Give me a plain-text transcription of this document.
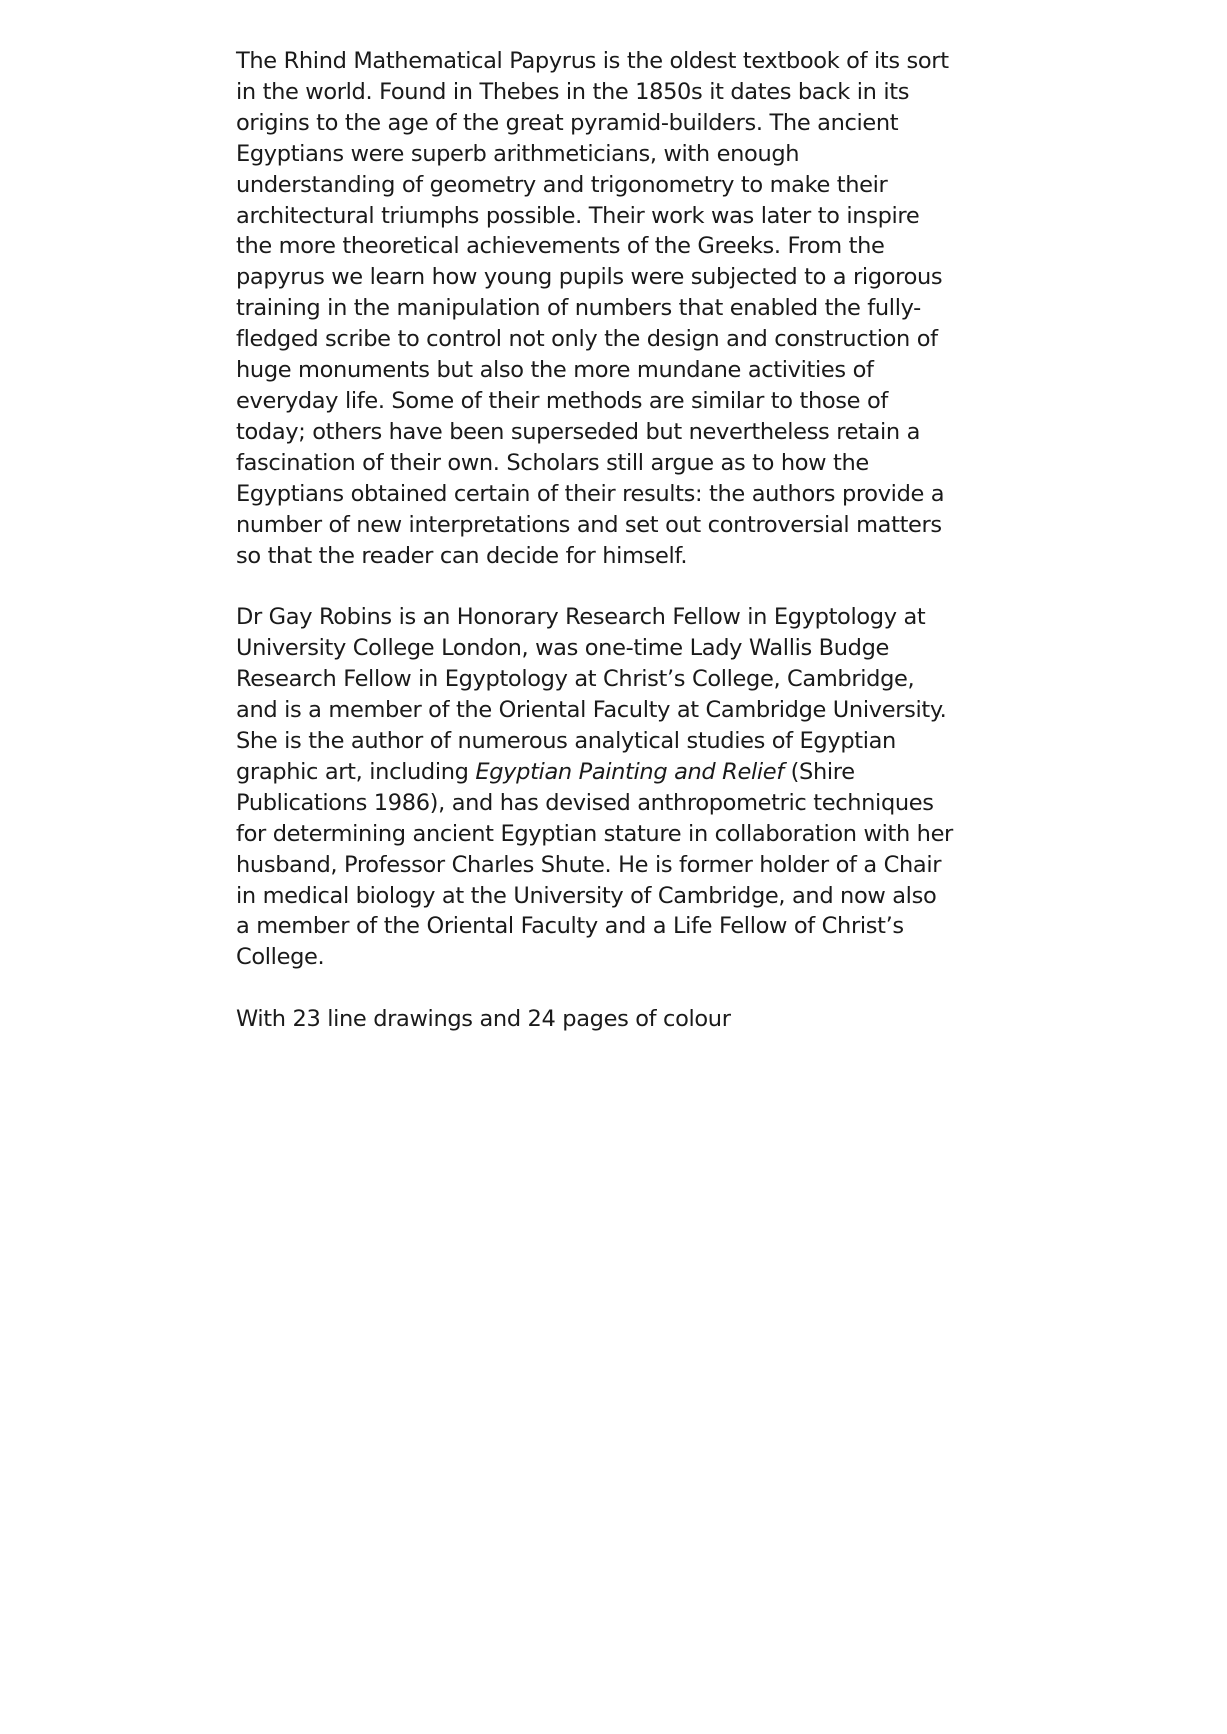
The Rhind Mathematical Papyrus is the oldest textbook of its sort
in the world. Found in Thebes in the 1850s it dates back in its
origins to the age of the great pyramid-builders. The ancient
Egyptians were superb arithmeticians, with enough
understanding of geometry and trigonometry to make their
architectural triumphs possible. Their work was later to inspire
the more theoretical achievements of the Greeks. From the
papyrus we learn how young pupils were subjected to a rigorous
training in the manipulation of numbers that enabled the fully-
fledged scribe to control not only the design and construction of
huge monuments but also the more mundane activities of
everyday life. Some of their methods are similar to those of
today; others have been superseded but nevertheless retain a
fascination of their own. Scholars still argue as to how the
Egyptians obtained certain of their results: the authors provide a
number of new interpretations and set out controversial matters
so that the reader can decide for himself.

Dr Gay Robins is an Honorary Research Fellow in Egyptology at
University College London, was one-time Lady Wallis Budge
Research Fellow in Egyptology at Christ’s College, Cambridge,
and is a member of the Oriental Faculty at Cambridge University.
She is the author of numerous analytical studies of Egyptian
graphic art, including Egyptian Painting and Relief (Shire
Publications 1986), and has devised anthropometric techniques
for determining ancient Egyptian stature in collaboration with her
husband, Professor Charles Shute. He is former holder of a Chair
in medical biology at the University of Cambridge, and now also
a member of the Oriental Faculty and a Life Fellow of Christ’s
College.

With 23 line drawings and 24 pages of colour
